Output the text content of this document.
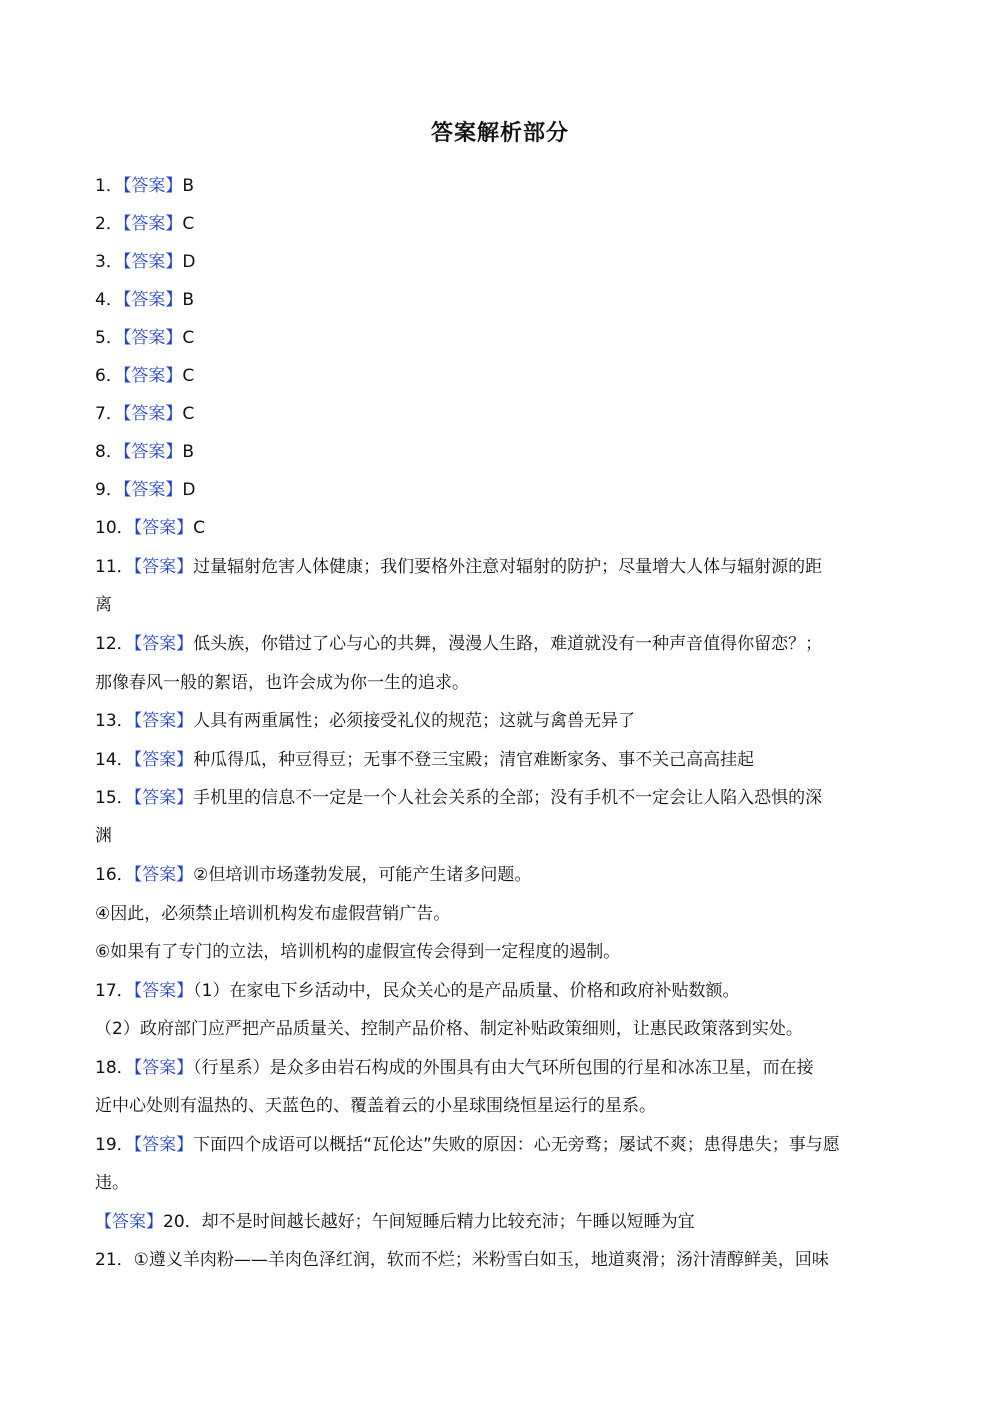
答案解析部分
1．【答案】B
2．【答案】C
3．【答案】D
4．【答案】B
5．【答案】C
6．【答案】C
7．【答案】C
8．【答案】B
9．【答案】D
10．【答案】C
11．【答案】过量辐射危害人体健康；我们要格外注意对辐射的防护；尽量增大人体与辐射源的距
离
12．【答案】低头族，你错过了心与心的共舞，漫漫人生路，难道就没有一种声音值得你留恋？；
那像春风一般的絮语，也许会成为你一生的追求。
13．【答案】人具有两重属性；必须接受礼仪的规范；这就与禽兽无异了
14．【答案】种瓜得瓜，种豆得豆；无事不登三宝殿；清官难断家务、事不关己高高挂起
15．【答案】手机里的信息不一定是一个人社会关系的全部；没有手机不一定会让人陷入恐惧的深
渊
16．【答案】②但培训市场蓬勃发展，可能产生诸多问题。
④因此，必须禁止培训机构发布虚假营销广告。
⑥如果有了专门的立法，培训机构的虚假宣传会得到一定程度的遏制。
17．【答案】（1）在家电下乡活动中，民众关心的是产品质量、价格和政府补贴数额。
（2）政府部门应严把产品质量关、控制产品价格、制定补贴政策细则，让惠民政策落到实处。
18．【答案】（行星系）是众多由岩石构成的外围具有由大气环所包围的行星和冰冻卫星，而在接
近中心处则有温热的、天蓝色的、覆盖着云的小星球围绕恒星运行的星系。
19．【答案】下面四个成语可以概括“瓦伦达”失败的原因：心无旁骛；屡试不爽；患得患失；事与愿
违。
【答案】20．却不是时间越长越好；午间短睡后精力比较充沛；午睡以短睡为宜
21．①遵义羊肉粉——羊肉色泽红润，软而不烂；米粉雪白如玉，地道爽滑；汤汁清醇鲜美，回味
